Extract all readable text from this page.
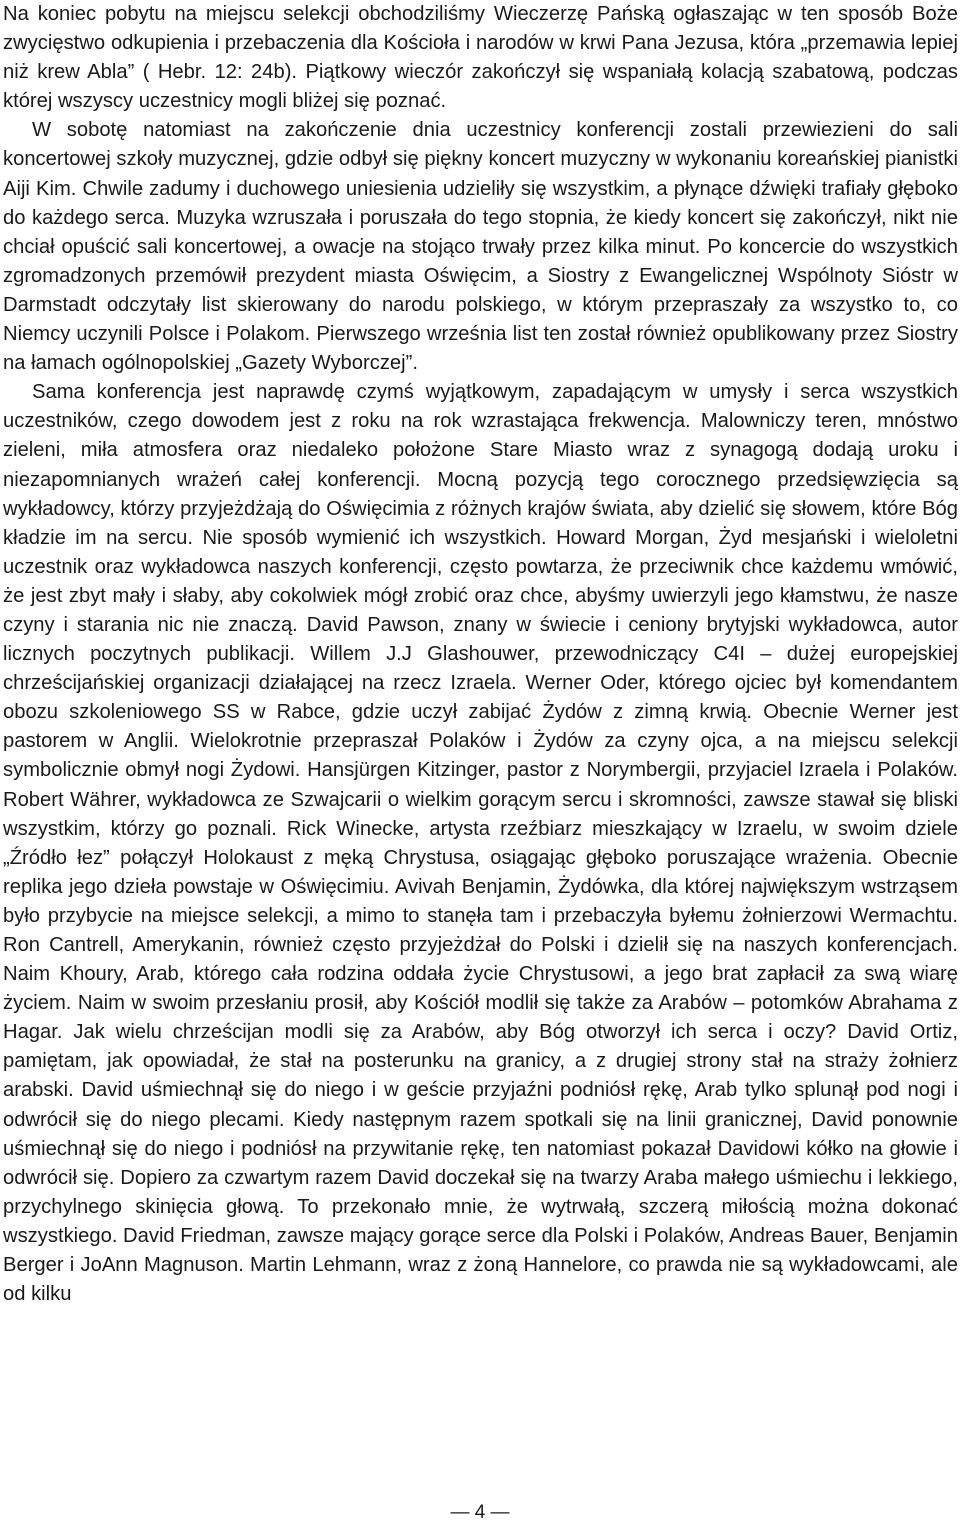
Na koniec pobytu na miejscu selekcji obchodziliśmy Wieczerzę Pańską ogłaszając w ten sposób Boże zwycięstwo odkupienia i przebaczenia dla Kościoła i narodów w krwi Pana Jezusa, która „przemawia lepiej niż krew Abla” ( Hebr. 12: 24b). Piątkowy wieczór zakończył się wspaniałą kolacją szabatową, podczas której wszyscy uczestnicy mogli bliżej się poznać.

W sobotę natomiast na zakończenie dnia uczestnicy konferencji zostali przewiezieni do sali koncertowej szkoły muzycznej, gdzie odbył się piękny koncert muzyczny w wykonaniu koreańskiej pianistki Aiji Kim. Chwile zadumy i duchowego uniesienia udzieliły się wszystkim, a płynące dźwięki trafiały głęboko do każdego serca. Muzyka wzruszała i poruszała do tego stopnia, że kiedy koncert się zakończył, nikt nie chciał opuścić sali koncertowej, a owacje na stojąco trwały przez kilka minut. Po koncercie do wszystkich zgromadzonych przemówił prezydent miasta Oświęcim, a Siostry z Ewangelicznej Wspólnoty Sióstr w Darmstadt odczytały list skierowany do narodu polskiego, w którym przepraszały za wszystko to, co Niemcy uczynili Polsce i Polakom. Pierwszego września list ten został również opublikowany przez Siostry na łamach ogólnopolskiej „Gazety Wyborczej”.

Sama konferencja jest naprawdę czymś wyjątkowym, zapadającym w umysły i serca wszystkich uczestników, czego dowodem jest z roku na rok wzrastająca frekwencja. Malowniczy teren, mnóstwo zieleni, miła atmosfera oraz niedaleko położone Stare Miasto wraz z synagogą dodają uroku i niezapomnianych wrażeń całej konferencji. Mocną pozycją tego corocznego przedsięwzięcia są wykładowcy, którzy przyjeżdżają do Oświęcimia z różnych krajów świata, aby dzielić się słowem, które Bóg kładzie im na sercu. Nie sposób wymienić ich wszystkich. Howard Morgan, Żyd mesjański i wieloletni uczestnik oraz wykładowca naszych konferencji, często powtarza, że przeciwnik chce każdemu wmówić, że jest zbyt mały i słaby, aby cokolwiek mógł zrobić oraz chce, abyśmy uwierzyli jego kłamstwu, że nasze czyny i starania nic nie znaczą. David Pawson, znany w świecie i ceniony brytyjski wykładowca, autor licznych poczytnych publikacji. Willem J.J Glashouwer, przewodniczący C4I – dużej europejskiej chrześcijańskiej organizacji działającej na rzecz Izraela. Werner Oder, którego ojciec był komendantem obozu szkoleniowego SS w Rabce, gdzie uczył zabijać Żydów z zimną krwią. Obecnie Werner jest pastorem w Anglii. Wielokrotnie przepraszał Polaków i Żydów za czyny ojca, a na miejscu selekcji symbolicznie obmył nogi Żydowi. Hansjürgen Kitzinger, pastor z Norymbergii, przyjaciel Izraela i Polaków. Robert Währer, wykładowca ze Szwajcarii o wielkim gorącym sercu i skromności, zawsze stawał się bliski wszystkim, którzy go poznali. Rick Winecke, artysta rzeźbiarz mieszkający w Izraelu, w swoim dziele „Źródło łez” połączył Holokaust z męką Chrystusa, osiągając głęboko poruszające wrażenia. Obecnie replika jego dzieła powstaje w Oświęcimiu. Avivah Benjamin, Żydówka, dla której największym wstrząsem było przybycie na miejsce selekcji, a mimo to stanęła tam i przebaczyła byłemu żołnierzowi Wermachtu. Ron Cantrell, Amerykanin, również często przyjeżdżał do Polski i dzielił się na naszych konferencjach. Naim Khoury, Arab, którego cała rodzina oddała życie Chrystusowi, a jego brat zapłacił za swą wiarę życiem. Naim w swoim przesłaniu prosił, aby Kościół modlił się także za Arabów – potomków Abrahama z Hagar. Jak wielu chrześcijan modli się za Arabów, aby Bóg otworzył ich serca i oczy? David Ortiz, pamiętam, jak opowiadał, że stał na posterunku na granicy, a z drugiej strony stał na straży żołnierz arabski. David uśmiechnął się do niego i w geście przyjaźni podniósł rękę, Arab tylko splunął pod nogi i odwrócił się do niego plecami. Kiedy następnym razem spotkali się na linii granicznej, David ponownie uśmiechnął się do niego i podniósł na przywitanie rękę, ten natomiast pokazał Davidowi kółko na głowie i odwrócił się. Dopiero za czwartym razem David doczekał się na twarzy Araba małego uśmiechu i lekkiego, przychylnego skinięcia głową. To przekonało mnie, że wytrwałą, szczerą miłością można dokonać wszystkiego. David Friedman, zawsze mający gorące serce dla Polski i Polaków, Andreas Bauer, Benjamin Berger i JoAnn Magnuson. Martin Lehmann, wraz z żoną Hannelore, co prawda nie są wykładowcami, ale od kilku

— 4 —
